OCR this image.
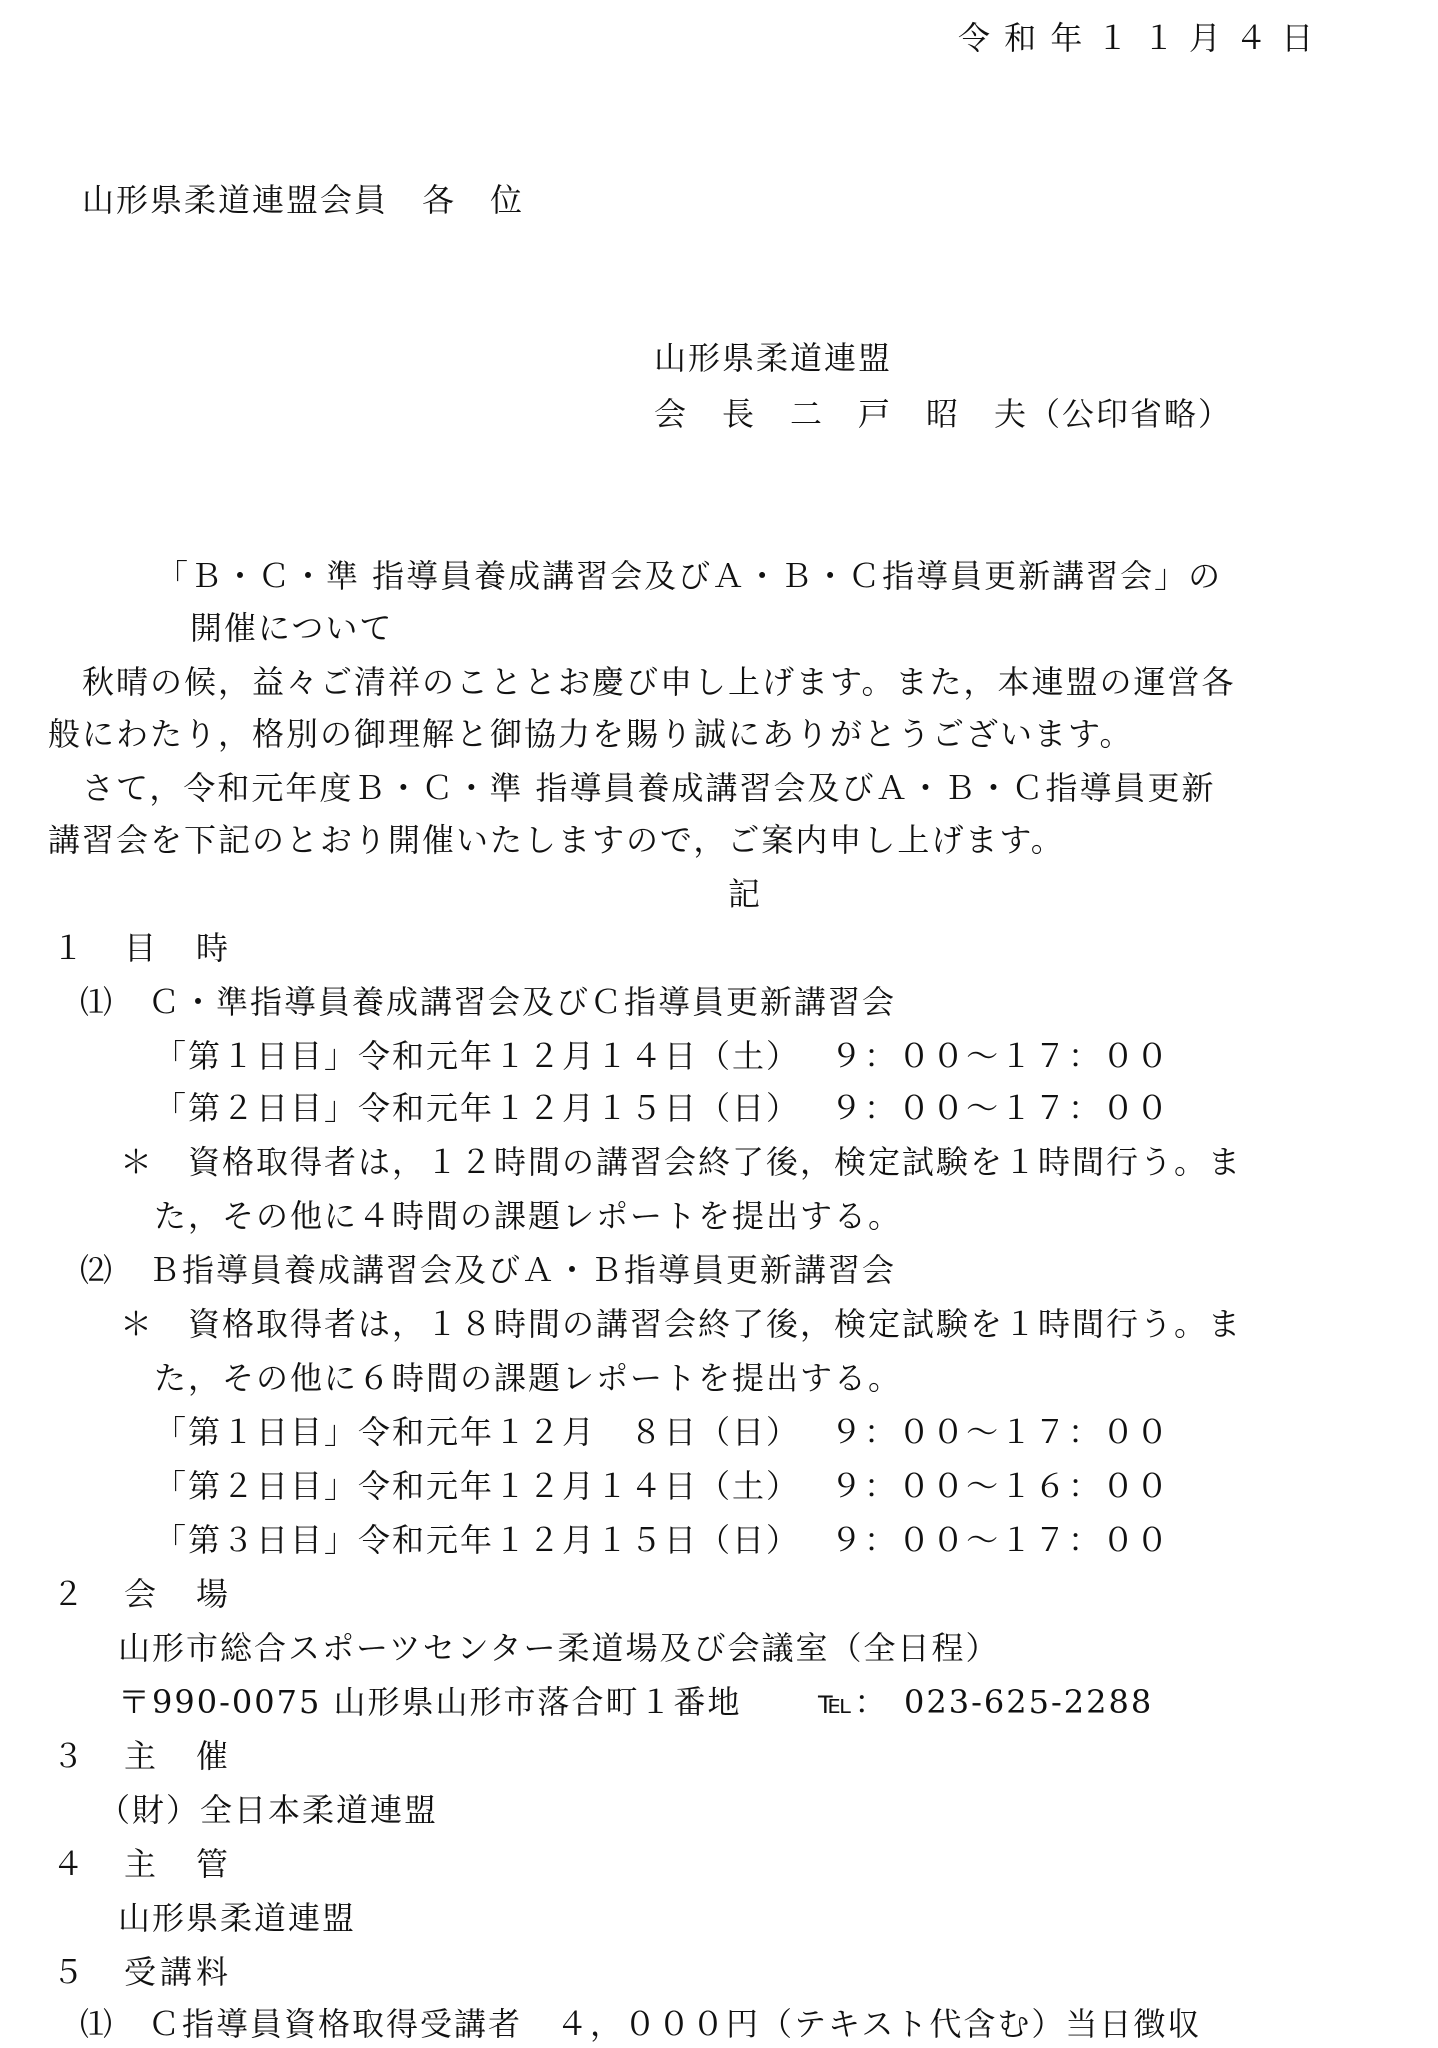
令 和 年 １ １ 月 ４ 日
山形県柔道連盟会員　各　位
山形県柔道連盟
会　長　二　戸　昭　夫（公印省略）
「Ｂ・Ｃ・準 指導員養成講習会及びＡ・Ｂ・Ｃ指導員更新講習会」の
開催について
秋晴の候，益々ご清祥のこととお慶び申し上げます。また，本連盟の運営各
般にわたり，格別の御理解と御協力を賜り誠にありがとうございます。
さて，令和元年度Ｂ・Ｃ・準 指導員養成講習会及びＡ・Ｂ・Ｃ指導員更新
講習会を下記のとおり開催いたしますので，ご案内申し上げます。
記
１　目　時
⑴　Ｃ・準指導員養成講習会及びＣ指導員更新講習会
「第１日目」令和元年１２月１４日（土）　 ９：００～１７：００
「第２日目」令和元年１２月１５日（日）　 ９：００～１７：００
＊　資格取得者は，１２時間の講習会終了後，検定試験を１時間行う。ま
た，その他に４時間の課題レポートを提出する。
⑵　Ｂ指導員養成講習会及びＡ・Ｂ指導員更新講習会
＊　資格取得者は，１８時間の講習会終了後，検定試験を１時間行う。ま
た，その他に６時間の課題レポートを提出する。
「第１日目」令和元年１２月　８日（日）　 ９：００～１７：００
「第２日目」令和元年１２月１４日（土）　 ９：００～１６：００
「第３日目」令和元年１２月１５日（日）　 ９：００～１７：００
２　会　場
山形市総合スポーツセンター柔道場及び会議室（全日程）
〒990-0075 山形県山形市落合町１番地 ℡： 023-625-2288
３　主　催
（財）全日本柔道連盟
４　主　管
山形県柔道連盟
５　受講料
⑴　Ｃ指導員資格取得受講者　４，０００円（テキスト代含む）当日徴収
